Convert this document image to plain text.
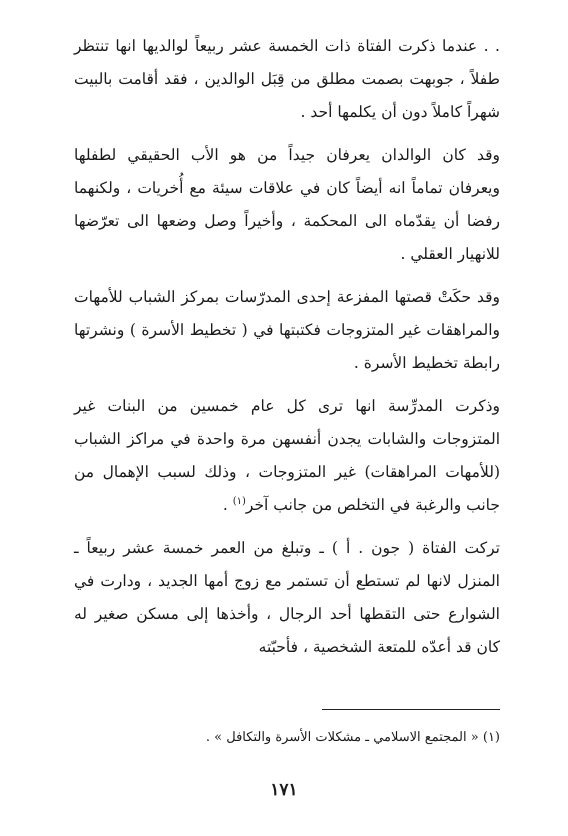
. . عندما ذكرت الفتاة ذات الخمسة عشر ربيعاً لوالديها انها تنتظر طفلاً ، جوبهت بصمت مطلق من قِبَل الوالدين ، فقد أقامت بالبيت شهراً كاملاً دون أن يكلمها أحد .

وقد كان الوالدان يعرفان جيداً من هو الأب الحقيقي لطفلها ويعرفان تماماً انه أيضاً كان في علاقات سيئة مع أُخريات ، ولكنهما رفضا أن يقدّماه الى المحكمة ، وأخيراً وصل وضعها الى تعرّضها للانهيار العقلي .

وقد حكَتْ قصتها المفزعة إحدى المدرّسات بمركز الشباب للأمهات والمراهقات غير المتزوجات فكتبتها في ( تخطيط الأسرة ) ونشرتها رابطة تخطيط الأسرة .

وذكرت المدرِّسة انها ترى كل عام خمسين من البنات غير المتزوجات والشابات يجدن أنفسهن مرة واحدة في مراكز الشباب (للأمهات المراهقات) غير المتزوجات ، وذلك لسبب الإهمال من جانب والرغبة في التخلص من جانب آخر$^{(١)}$ .

تركت الفتاة ( جون . أ ) ـ وتبلغ من العمر خمسة عشر ربيعاً ـ المنزل لانها لم تستطع أن تستمر مع زوج أمها الجديد ، ودارت في الشوارع حتى التقطها أحد الرجال ، وأخذها إلى مسكن صغير له كان قد أعدّه للمتعة الشخصية ، فأحبّته

(١) « المجتمع الاسلامي ـ مشكلات الأسرة والتكافل » .
١٧١
